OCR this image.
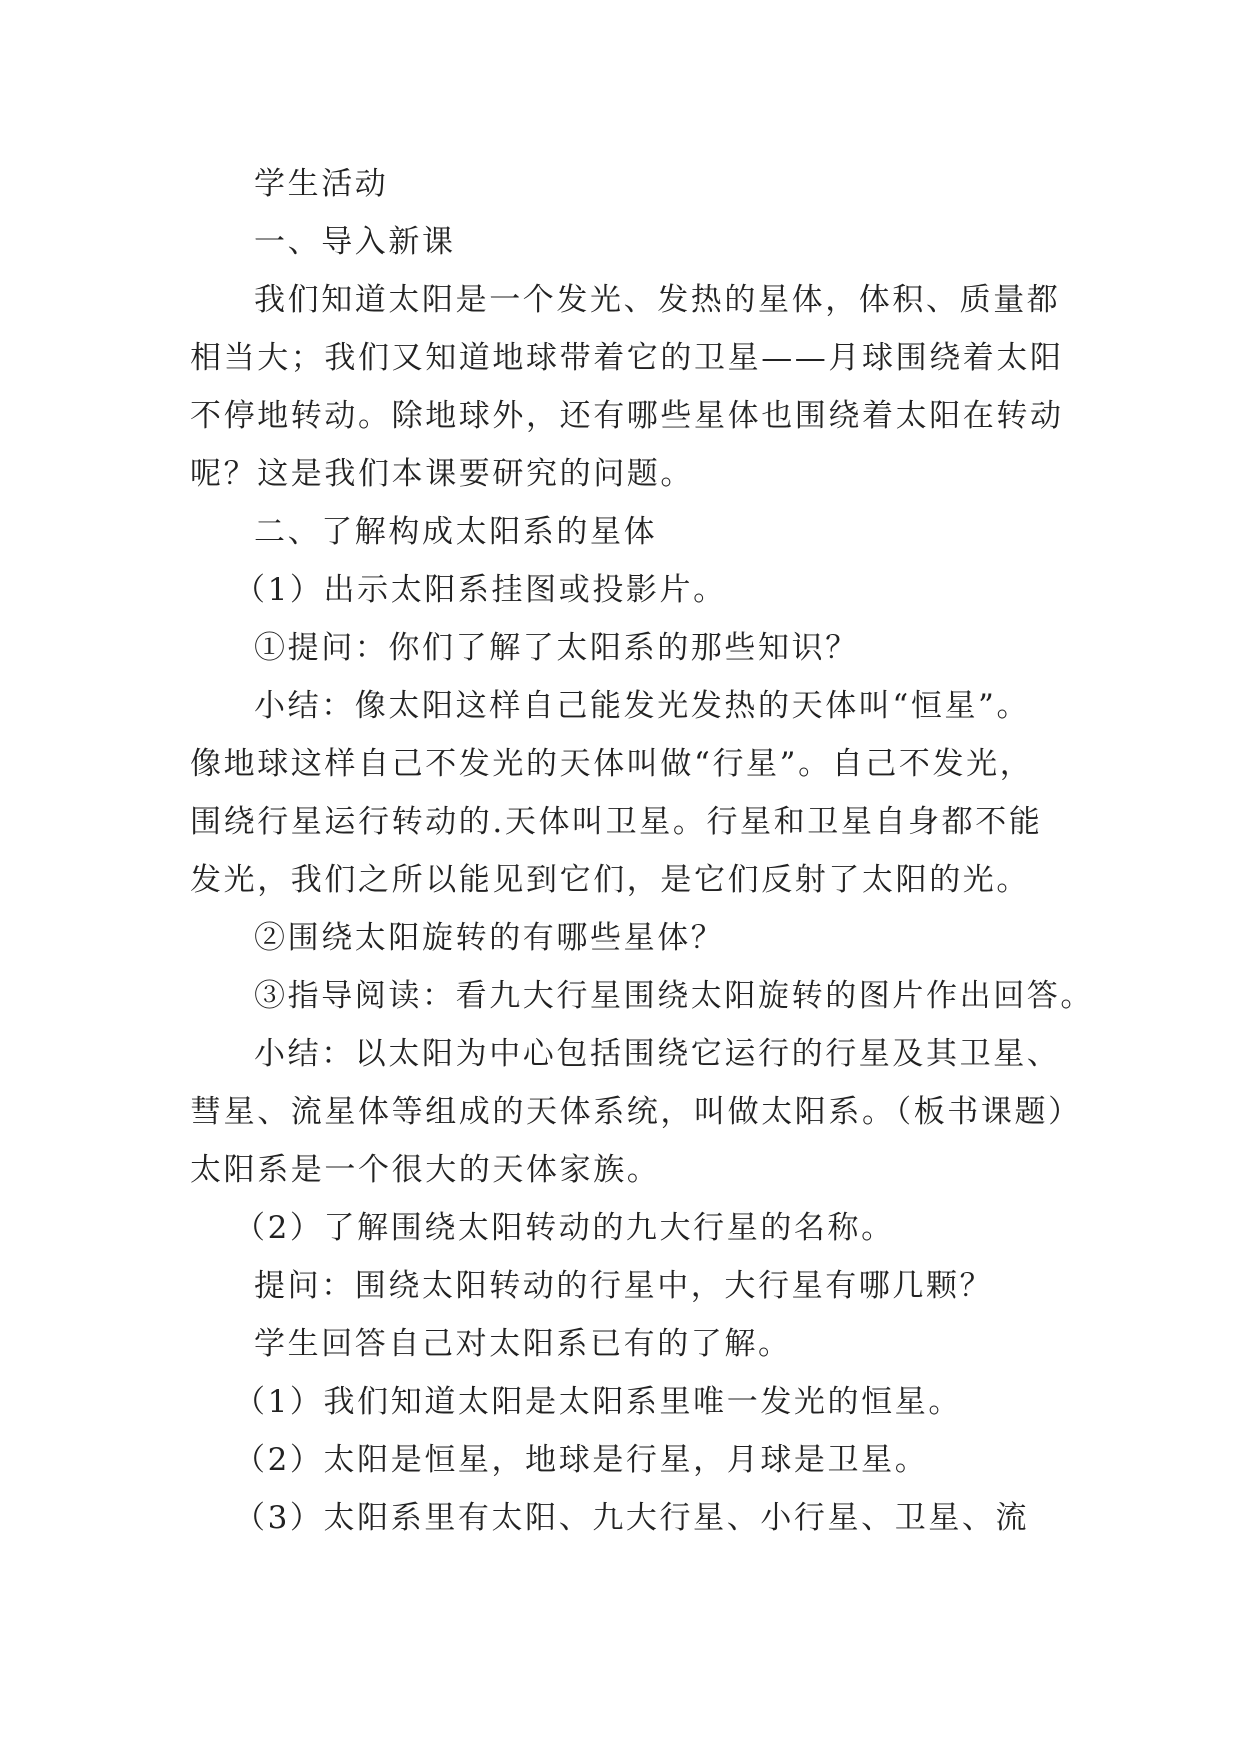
学生活动

一、导入新课

我们知道太阳是一个发光、发热的星体，体积、质量都

相当大；我们又知道地球带着它的卫星——月球围绕着太阳

不停地转动。除地球外，还有哪些星体也围绕着太阳在转动

呢？这是我们本课要研究的问题。

二、了解构成太阳系的星体

（1）出示太阳系挂图或投影片。

①提问：你们了解了太阳系的那些知识？

小结：像太阳这样自己能发光发热的天体叫“恒星”。

像地球这样自己不发光的天体叫做“行星”。自己不发光，

围绕行星运行转动的.天体叫卫星。行星和卫星自身都不能

发光，我们之所以能见到它们，是它们反射了太阳的光。

②围绕太阳旋转的有哪些星体？

③指导阅读：看九大行星围绕太阳旋转的图片作出回答。

小结：以太阳为中心包括围绕它运行的行星及其卫星、

彗星、流星体等组成的天体系统，叫做太阳系。（板书课题）

太阳系是一个很大的天体家族。

（2）了解围绕太阳转动的九大行星的名称。

提问：围绕太阳转动的行星中，大行星有哪几颗？

学生回答自己对太阳系已有的了解。

（1）我们知道太阳是太阳系里唯一发光的恒星。

（2）太阳是恒星，地球是行星，月球是卫星。

（3）太阳系里有太阳、九大行星、小行星、卫星、流
